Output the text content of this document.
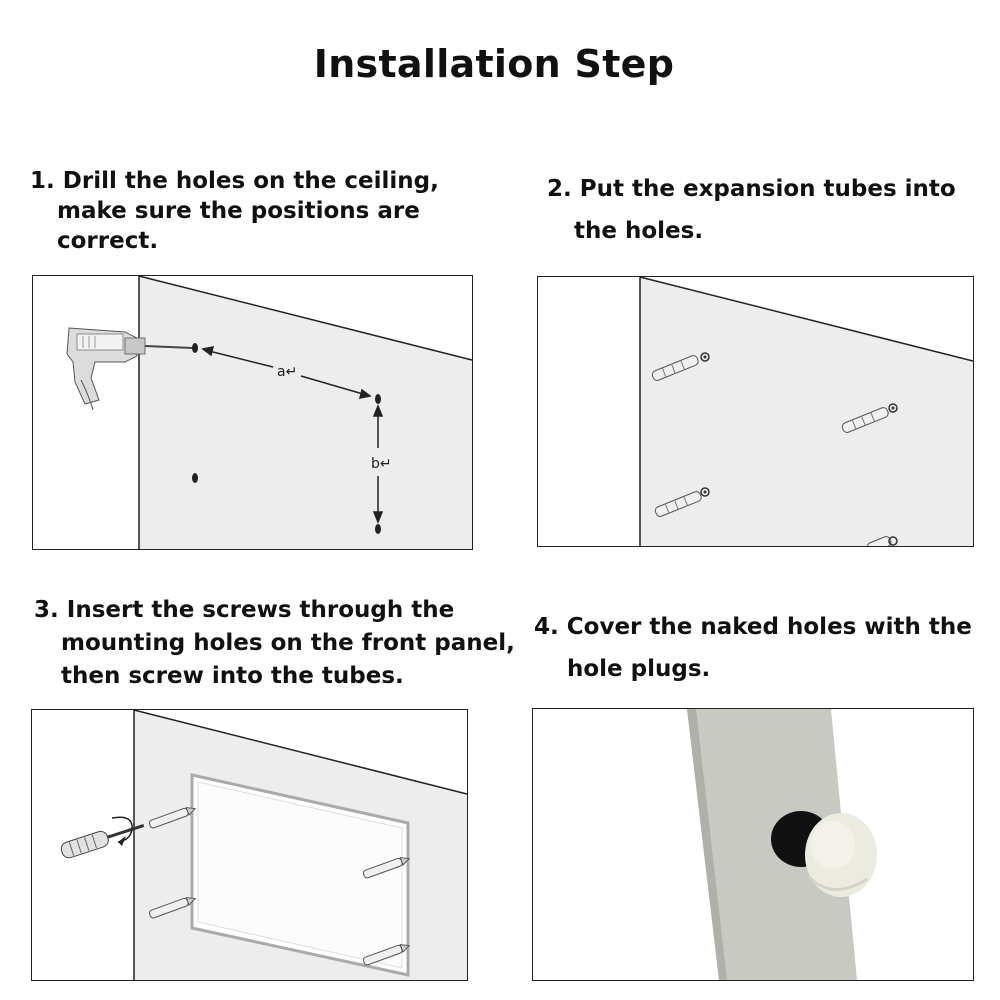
Installation Step
1. Drill the holes on the ceiling,
make sure the positions are
correct.
2. Put the expansion tubes into
the holes.
3. Insert the screws through the
mounting holes on the front panel,
then screw into the tubes.
4. Cover the naked holes with the
hole plugs.
a↵
b↵
